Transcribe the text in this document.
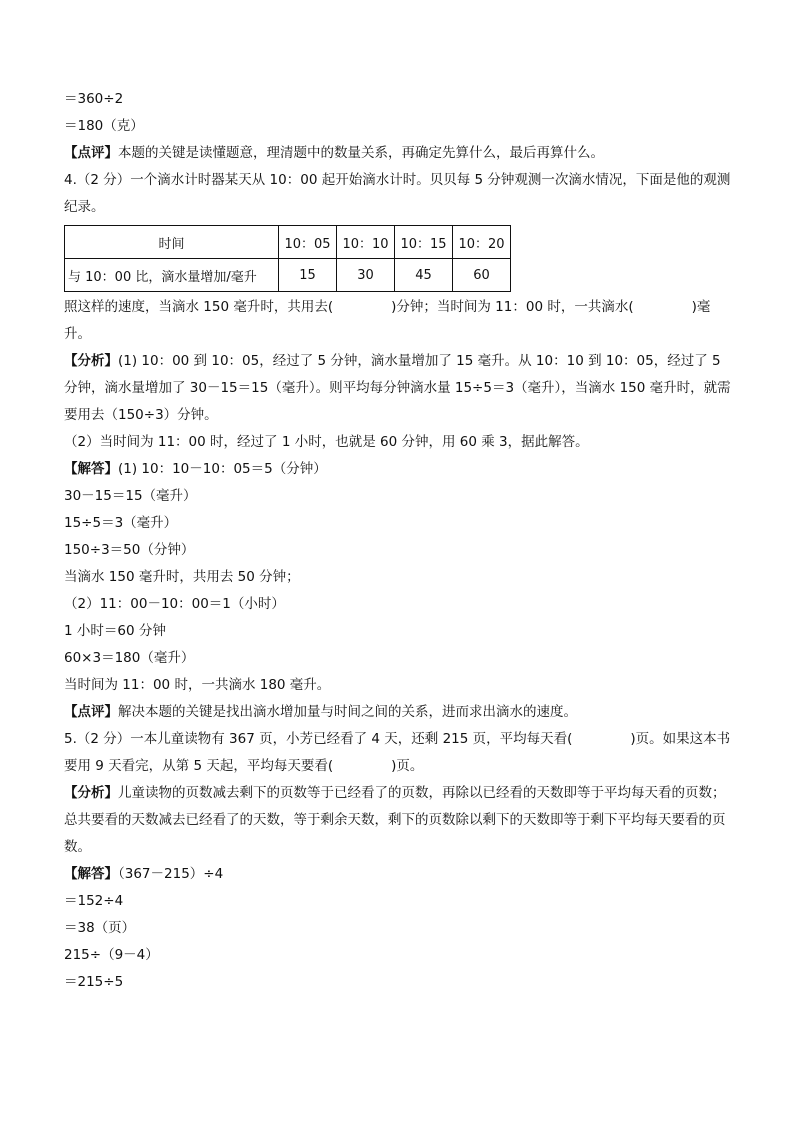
＝360÷2
＝180（克）
【点评】本题的关键是读懂题意，理清题中的数量关系，再确定先算什么，最后再算什么。
4.（2 分）一个滴水计时器某天从 10：00 起开始滴水计时。贝贝每 5 分钟观测一次滴水情况，下面是他的观测纪录。
时间	10：05	10：10	10：15	10：20
与 10：00 比，滴水量增加/毫升	15	30	45	60
照这样的速度，当滴水 150 毫升时，共用去(	)分钟；当时间为 11：00 时，一共滴水(	)毫升。
【分析】(1) 10：00 到 10：05，经过了 5 分钟，滴水量增加了 15 毫升。从 10：10 到 10：05，经过了 5 分钟，滴水量增加了 30－15＝15（毫升）。则平均每分钟滴水量 15÷5＝3（毫升），当滴水 150 毫升时，就需要用去（150÷3）分钟。
（2）当时间为 11：00 时，经过了 1 小时，也就是 60 分钟，用 60 乘 3，据此解答。
【解答】(1) 10：10－10：05＝5（分钟）
30－15＝15（毫升）
15÷5＝3（毫升）
150÷3＝50（分钟）
当滴水 150 毫升时，共用去 50 分钟；
（2）11：00－10：00＝1（小时）
1 小时＝60 分钟
60×3＝180（毫升）
当时间为 11：00 时，一共滴水 180 毫升。
【点评】解决本题的关键是找出滴水增加量与时间之间的关系，进而求出滴水的速度。
5.（2 分）一本儿童读物有 367 页，小芳已经看了 4 天，还剩 215 页，平均每天看(	)页。如果这本书要用 9 天看完，从第 5 天起，平均每天要看(	)页。
【分析】儿童读物的页数减去剩下的页数等于已经看了的页数，再除以已经看的天数即等于平均每天看的页数；总共要看的天数减去已经看了的天数，等于剩余天数，剩下的页数除以剩下的天数即等于剩下平均每天要看的页数。
【解答】（367－215）÷4
＝152÷4
＝38（页）
215÷（9－4）
＝215÷5
